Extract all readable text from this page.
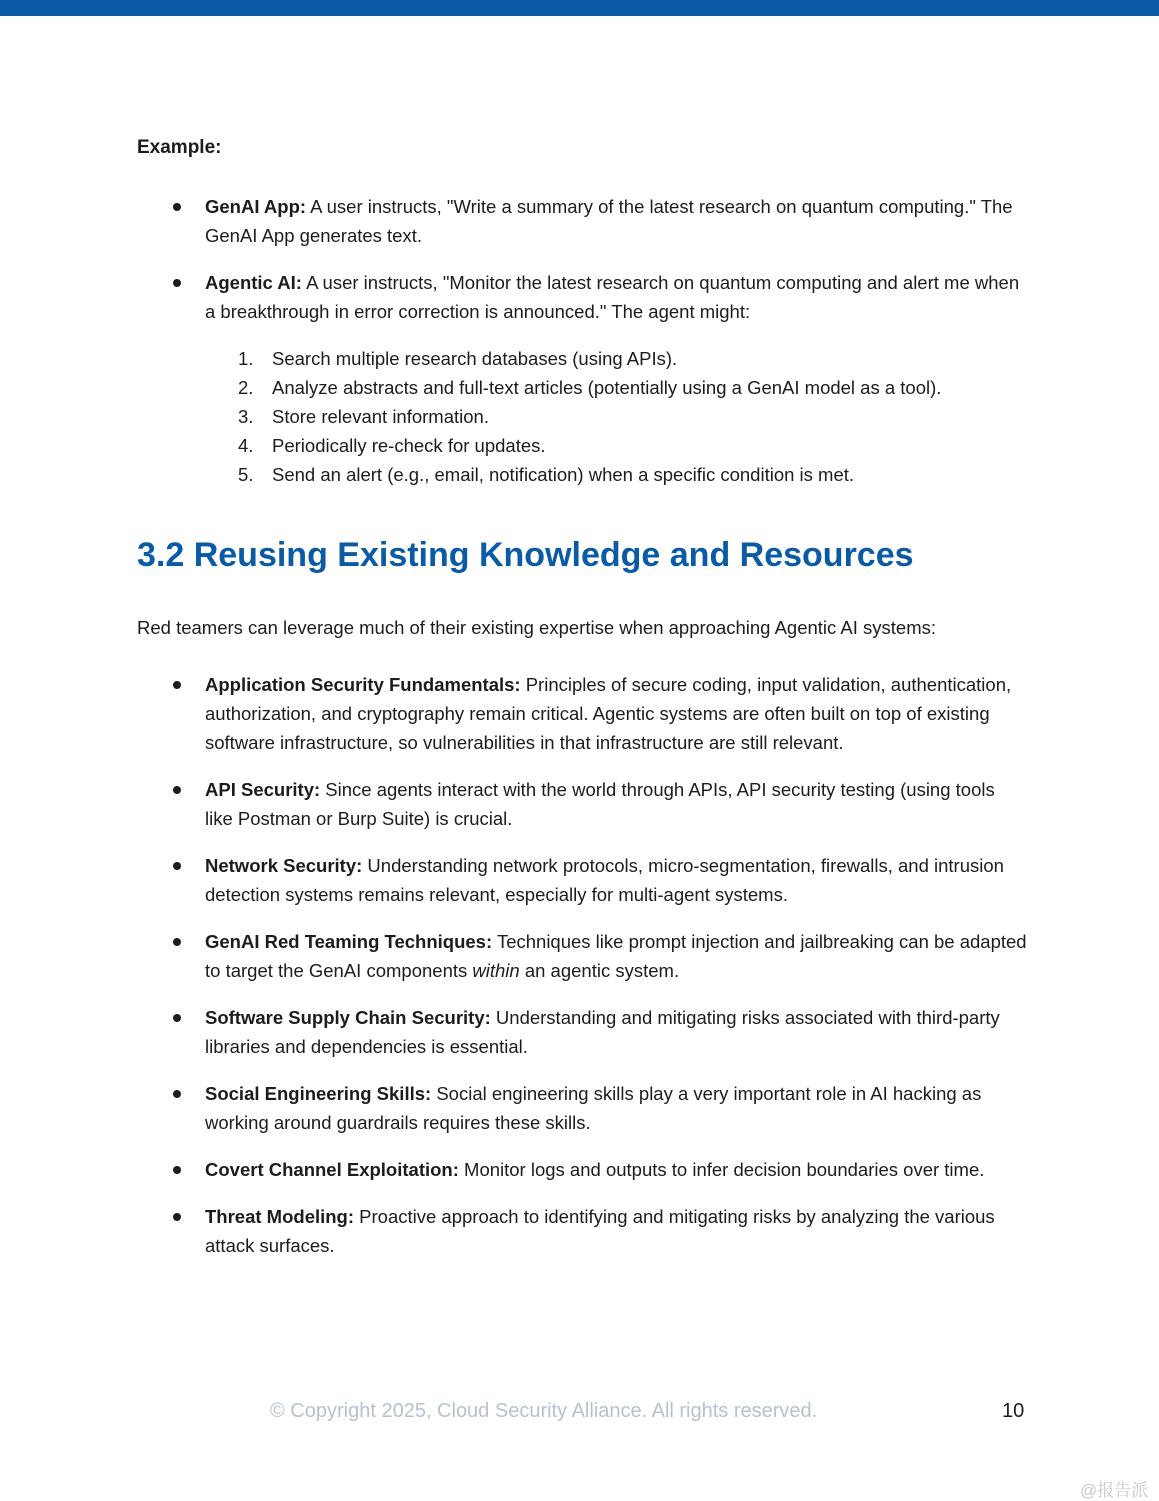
Example:
GenAI App: A user instructs, "Write a summary of the latest research on quantum computing." The GenAI App generates text.
Agentic AI: A user instructs, "Monitor the latest research on quantum computing and alert me when a breakthrough in error correction is announced." The agent might:
1. Search multiple research databases (using APIs).
2. Analyze abstracts and full-text articles (potentially using a GenAI model as a tool).
3. Store relevant information.
4. Periodically re-check for updates.
5. Send an alert (e.g., email, notification) when a specific condition is met.
3.2 Reusing Existing Knowledge and Resources

Red teamers can leverage much of their existing expertise when approaching Agentic AI systems:

Application Security Fundamentals: Principles of secure coding, input validation, authentication, authorization, and cryptography remain critical. Agentic systems are often built on top of existing software infrastructure, so vulnerabilities in that infrastructure are still relevant.
API Security: Since agents interact with the world through APIs, API security testing (using tools like Postman or Burp Suite) is crucial.
Network Security: Understanding network protocols, micro-segmentation, firewalls, and intrusion detection systems remains relevant, especially for multi-agent systems.
GenAI Red Teaming Techniques: Techniques like prompt injection and jailbreaking can be adapted to target the GenAI components within an agentic system.
Software Supply Chain Security: Understanding and mitigating risks associated with third-party libraries and dependencies is essential.
Social Engineering Skills: Social engineering skills play a very important role in AI hacking as working around guardrails requires these skills.
Covert Channel Exploitation: Monitor logs and outputs to infer decision boundaries over time.
Threat Modeling: Proactive approach to identifying and mitigating risks by analyzing the various attack surfaces.
© Copyright 2025, Cloud Security Alliance. All rights reserved.	10
@报告派
